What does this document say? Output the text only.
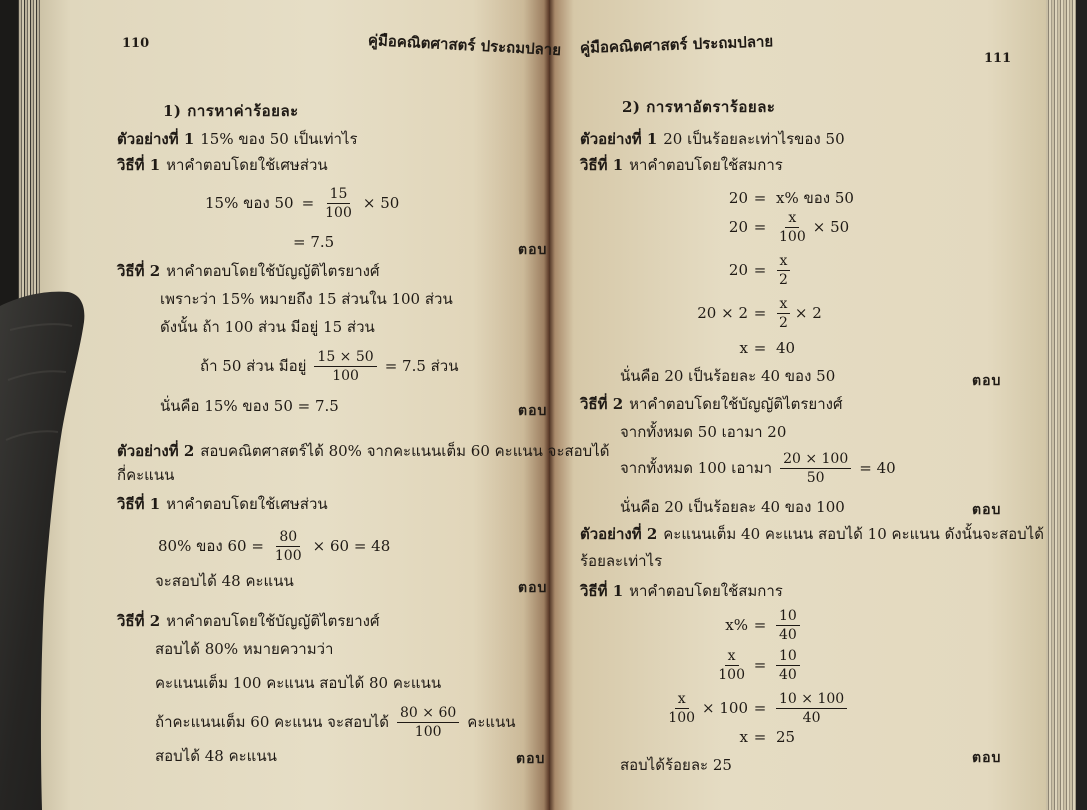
110	คู่มือคณิตศาสตร์ ประถมปลาย
1) การหาค่าร้อยละ
ตัวอย่างที่ 1 15% ของ 50 เป็นเท่าไร
วิธีที่ 1 หาคำตอบโดยใช้เศษส่วน
15% ของ $50 = \frac{15}{100} \times 50$
= 7.5	ตอบ
วิธีที่ 2 หาคำตอบโดยใช้บัญญัติไตรยางศ์
เพราะว่า 15% หมายถึง 15 ส่วนใน 100 ส่วน
ดังนั้น ถ้า 100 ส่วน มีอยู่ 15 ส่วน
ถ้า 50 ส่วน มีอยู่ $\frac{15 \times 50}{100} = 7.5$ ส่วน
นั่นคือ 15% ของ 50 = 7.5	ตอบ
ตัวอย่างที่ 2 สอบคณิตศาสตร์ได้ 80% จากคะแนนเต็ม 60 คะแนน จะสอบได้
กี่คะแนน
วิธีที่ 1 หาคำตอบโดยใช้เศษส่วน
80% ของ $60 = \frac{80}{100} \times 60 = 48$
จะสอบได้ 48 คะแนน	ตอบ
วิธีที่ 2 หาคำตอบโดยใช้บัญญัติไตรยางศ์
สอบได้ 80% หมายความว่า
คะแนนเต็ม 100 คะแนน สอบได้ 80 คะแนน
ถ้าคะแนนเต็ม 60 คะแนน จะสอบได้ $\frac{80 \times 60}{100}$ คะแนน
สอบได้ 48 คะแนน	ตอบ
คู่มือคณิตศาสตร์ ประถมปลาย
111
2) การหาอัตราร้อยละ
ตัวอย่างที่ 1 20 เป็นร้อยละเท่าไรของ 50
วิธีที่ 1 หาคำตอบโดยใช้สมการ
20 = x% ของ 50
$20 = \frac{x}{100} \times 50$
$20 = \frac{x}{2}$
$20 \times 2 = \frac{x}{2} \times 2$
x = 40
นั่นคือ 20 เป็นร้อยละ 40 ของ 50	ตอบ
วิธีที่ 2 หาคำตอบโดยใช้บัญญัติไตรยางศ์
จากทั้งหมด 50 เอามา 20
จากทั้งหมด 100 เอามา $\frac{20 \times 100}{50} = 40$
นั่นคือ 20 เป็นร้อยละ 40 ของ 100	ตอบ
ตัวอย่างที่ 2 คะแนนเต็ม 40 คะแนน สอบได้ 10 คะแนน ดังนั้นจะสอบได้
ร้อยละเท่าไร
วิธีที่ 1 หาคำตอบโดยใช้สมการ
$x\% = \frac{10}{40}$
$\frac{x}{100} = \frac{10}{40}$
$\frac{x}{100} \times 100 = \frac{10 \times 100}{40}$
x = 25
สอบได้ร้อยละ 25	ตอบ
